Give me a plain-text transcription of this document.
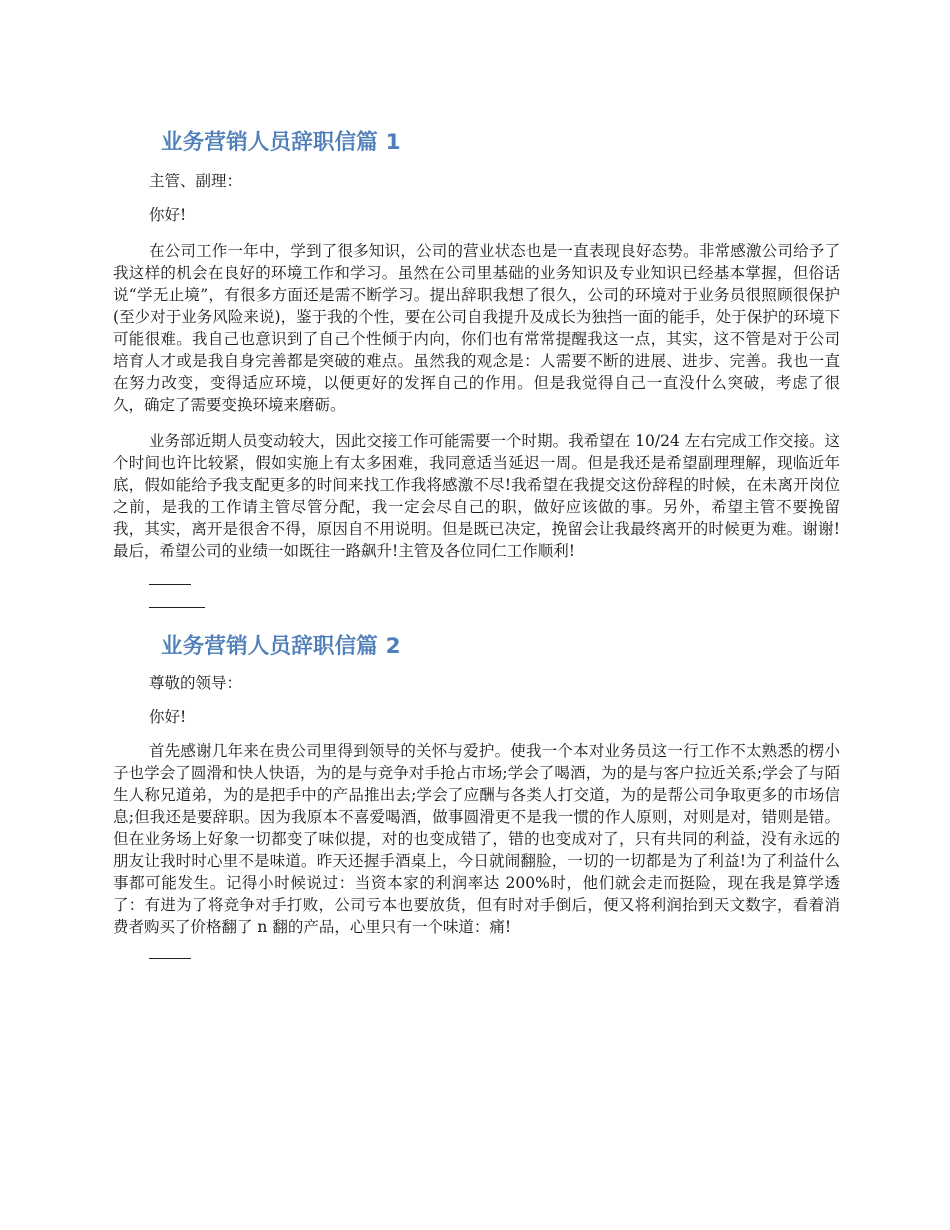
业务营销人员辞职信篇 1
主管、副理：
你好!

在公司工作一年中，学到了很多知识，公司的营业状态也是一直表现良好态势。非常感激公司给予了我这样的机会在良好的环境工作和学习。虽然在公司里基础的业务知识及专业知识已经基本掌握，但俗话说“学无止境”，有很多方面还是需不断学习。提出辞职我想了很久，公司的环境对于业务员很照顾很保护(至少对于业务风险来说)，鉴于我的个性，要在公司自我提升及成长为独挡一面的能手，处于保护的环境下可能很难。我自己也意识到了自己个性倾于内向，你们也有常常提醒我这一点，其实，这不管是对于公司培育人才或是我自身完善都是突破的难点。虽然我的观念是：人需要不断的进展、进步、完善。我也一直在努力改变，变得适应环境，以便更好的发挥自己的作用。但是我觉得自己一直没什么突破，考虑了很久，确定了需要变换环境来磨砺。

业务部近期人员变动较大，因此交接工作可能需要一个时期。我希望在 10/24 左右完成工作交接。这个时间也许比较紧，假如实施上有太多困难，我同意适当延迟一周。但是我还是希望副理理解，现临近年底，假如能给予我支配更多的时间来找工作我将感激不尽!我希望在我提交这份辞程的时候，在未离开岗位之前，是我的工作请主管尽管分配，我一定会尽自己的职，做好应该做的事。另外，希望主管不要挽留我，其实，离开是很舍不得，原因自不用说明。但是既已决定，挽留会让我最终离开的时候更为难。谢谢!最后，希望公司的业绩一如既往一路飙升!主管及各位同仁工作顺利!

业务营销人员辞职信篇 2
尊敬的领导：
你好!

首先感谢几年来在贵公司里得到领导的关怀与爱护。使我一个本对业务员这一行工作不太熟悉的楞小子也学会了圆滑和快人快语，为的是与竞争对手抢占市场;学会了喝酒，为的是与客户拉近关系;学会了与陌生人称兄道弟，为的是把手中的产品推出去;学会了应酬与各类人打交道，为的是帮公司争取更多的市场信息;但我还是要辞职。因为我原本不喜爱喝酒，做事圆滑更不是我一惯的作人原则，对则是对，错则是错。但在业务场上好象一切都变了味似提，对的也变成错了，错的也变成对了，只有共同的利益，没有永远的朋友让我时时心里不是味道。昨天还握手酒桌上，今日就闹翻脸，一切的一切都是为了利益!为了利益什么事都可能发生。记得小时候说过：当资本家的利润率达 200%时，他们就会走而挺险，现在我是算学透了：有进为了将竞争对手打败，公司亏本也要放货，但有时对手倒后，便又将利润抬到天文数字，看着消费者购买了价格翻了 n 翻的产品，心里只有一个味道：痛!
